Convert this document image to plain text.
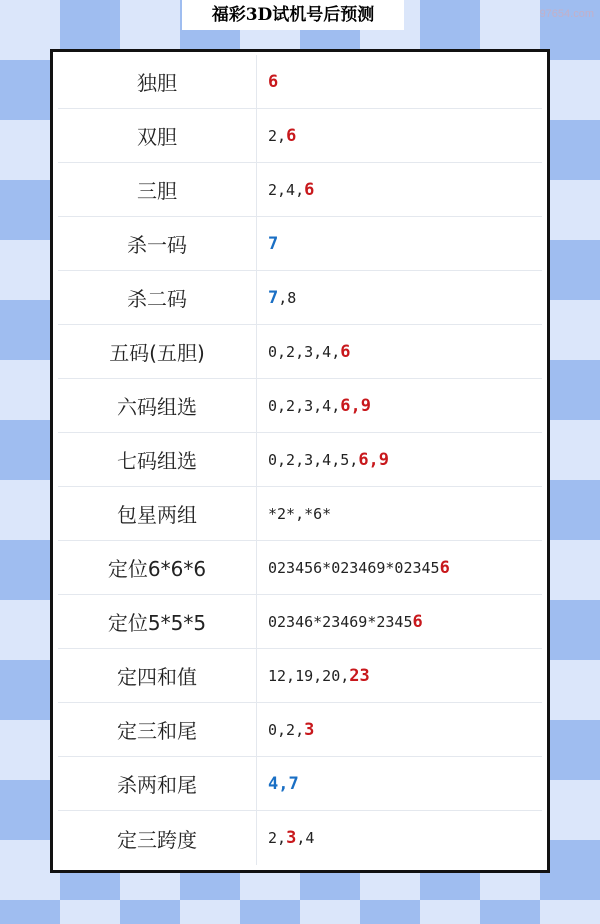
福彩3D试机号后预测	97654.com
独胆	6
双胆	2, 6
三胆	2,4, 6
杀一码	7
杀二码	7 ,8
五码(五胆)	0,2,3,4, 6
六码组选	0,2,3,4, 6,9
七码组选	0,2,3,4,5, 6,9
包星两组	*2*,*6*
定位6*6*6	023456*023469*02345 6
定位5*5*5	02346*23469*2345 6
定四和值	12,19,20, 23
定三和尾	0,2, 3
杀两和尾	4,7
定三跨度	2, 3 ,4
